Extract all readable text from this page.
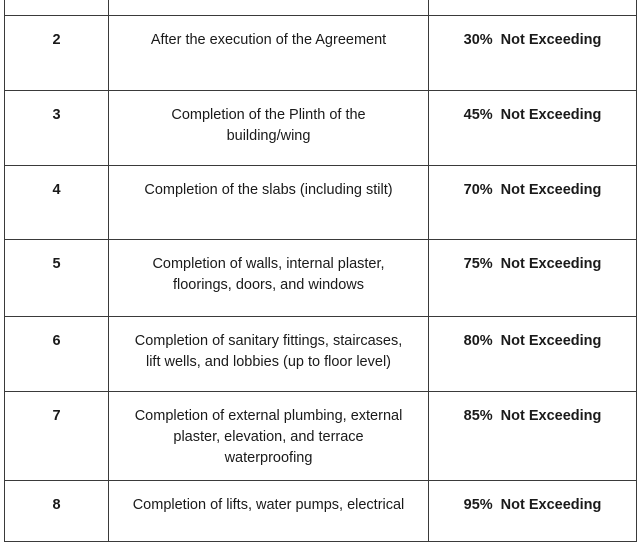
2	After the execution of the Agreement	30% Not Exceeding

3	Completion of the Plinth of the
building/wing	45% Not Exceeding

4	Completion of the slabs (including stilt)	70% Not Exceeding

5	Completion of walls, internal plaster,
floorings, doors, and windows	75% Not Exceeding

6	Completion of sanitary fittings, staircases,
lift wells, and lobbies (up to floor level)	80% Not Exceeding

7	Completion of external plumbing, external
plaster, elevation, and terrace
waterproofing	85% Not Exceeding

8	Completion of lifts, water pumps, electrical	95% Not Exceeding
